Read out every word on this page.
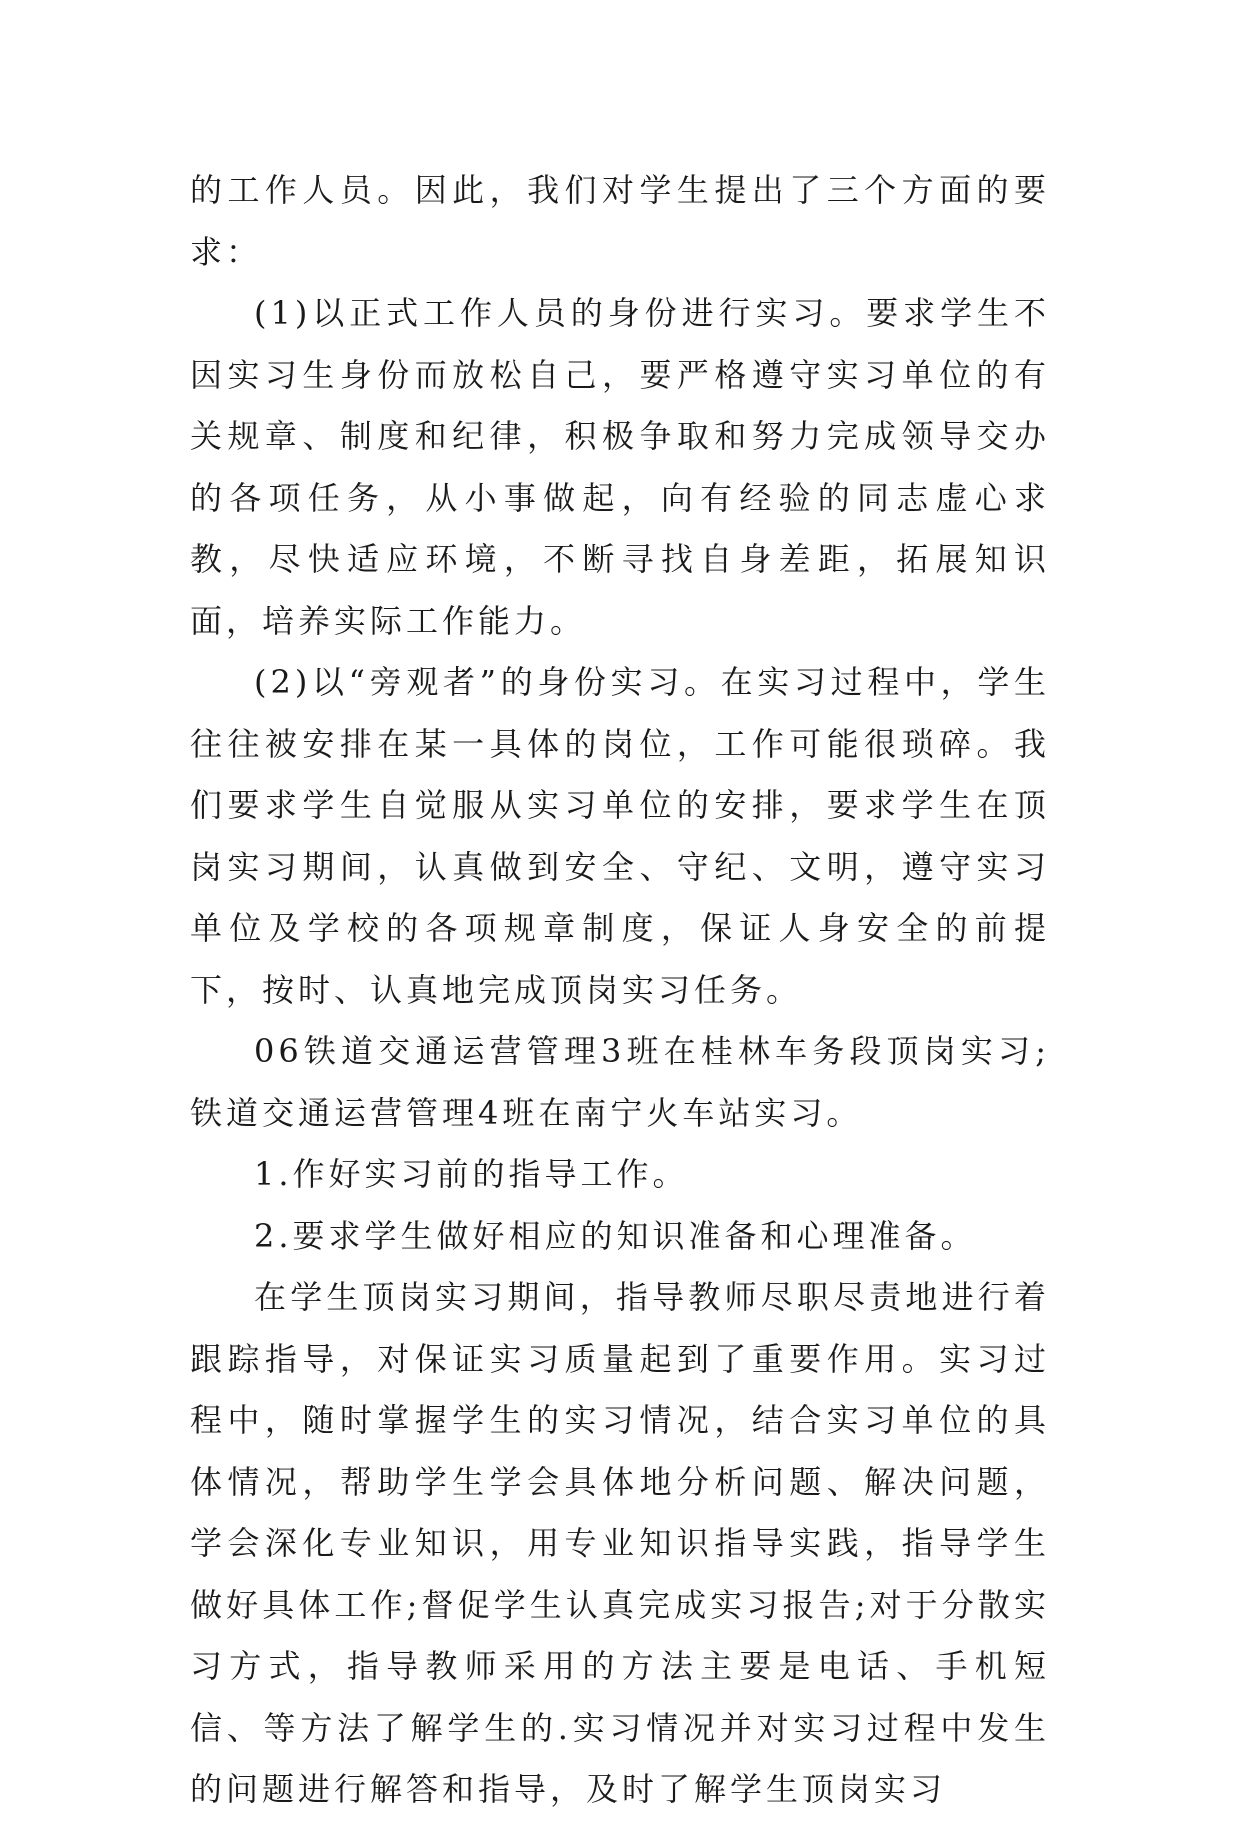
的工作人员。因此，我们对学生提出了三个方面的要求：

(1)以正式工作人员的身份进行实习。要求学生不因实习生身份而放松自己，要严格遵守实习单位的有关规章、制度和纪律，积极争取和努力完成领导交办的各项任务，从小事做起，向有经验的同志虚心求教，尽快适应环境，不断寻找自身差距，拓展知识面，培养实际工作能力。

(2)以“旁观者”的身份实习。在实习过程中，学生往往被安排在某一具体的岗位，工作可能很琐碎。我们要求学生自觉服从实习单位的安排，要求学生在顶岗实习期间，认真做到安全、守纪、文明，遵守实习单位及学校的各项规章制度，保证人身安全的前提下，按时、认真地完成顶岗实习任务。

06铁道交通运营管理3班在桂林车务段顶岗实习;铁道交通运营管理4班在南宁火车站实习。

1.作好实习前的指导工作。

2.要求学生做好相应的知识准备和心理准备。

在学生顶岗实习期间，指导教师尽职尽责地进行着跟踪指导，对保证实习质量起到了重要作用。实习过程中，随时掌握学生的实习情况，结合实习单位的具体情况，帮助学生学会具体地分析问题、解决问题，学会深化专业知识，用专业知识指导实践，指导学生做好具体工作;督促学生认真完成实习报告;对于分散实习方式，指导教师采用的方法主要是电话、手机短信、等方法了解学生的.实习情况并对实习过程中发生的问题进行解答和指导，及时了解学生顶岗实习
